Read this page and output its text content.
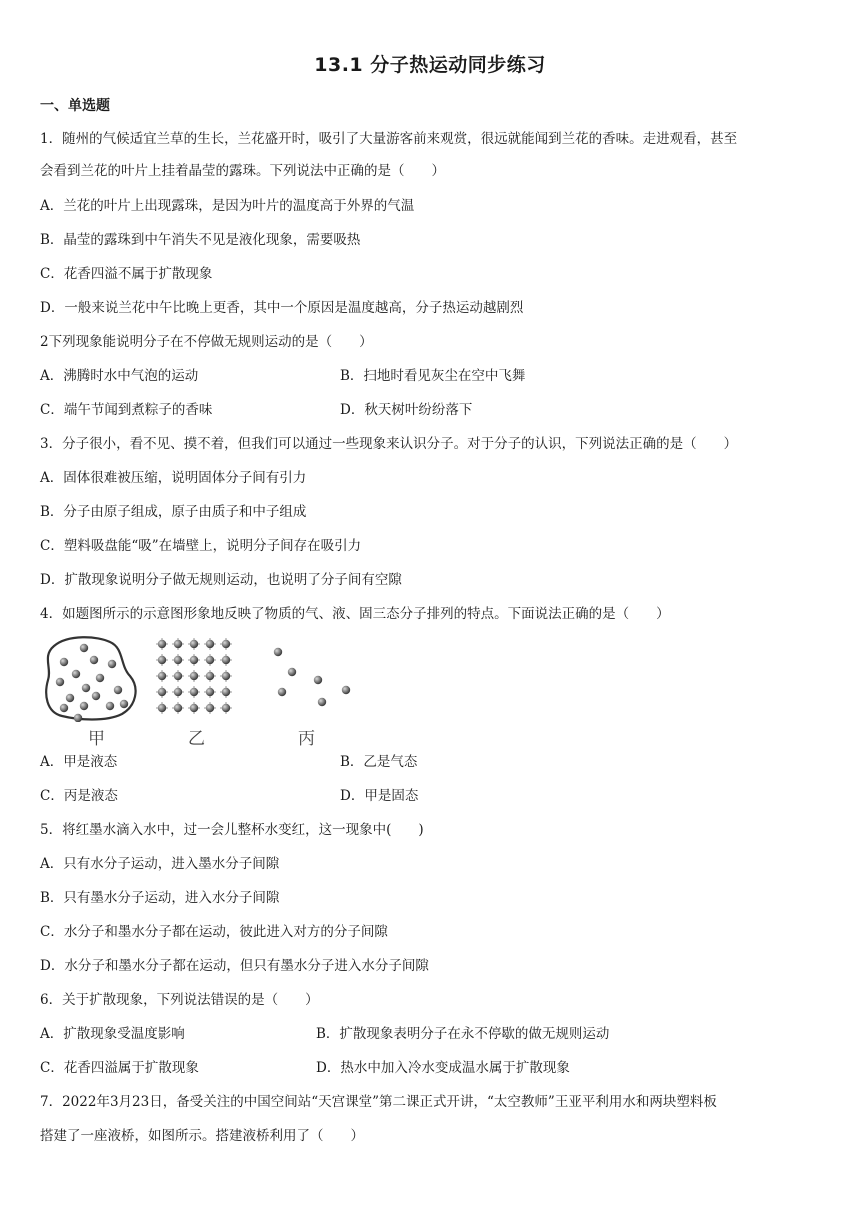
13.1 分子热运动同步练习
一、单选题
1．随州的气候适宜兰草的生长，兰花盛开时，吸引了大量游客前来观赏，很远就能闻到兰花的香味。走进观看，甚至
会看到兰花的叶片上挂着晶莹的露珠。下列说法中正确的是（　　）
A．兰花的叶片上出现露珠，是因为叶片的温度高于外界的气温
B．晶莹的露珠到中午消失不见是液化现象，需要吸热
C．花香四溢不属于扩散现象
D．一般来说兰花中午比晚上更香，其中一个原因是温度越高，分子热运动越剧烈
2下列现象能说明分子在不停做无规则运动的是（　　）
A．沸腾时水中气泡的运动	B．扫地时看见灰尘在空中飞舞
C．端午节闻到煮粽子的香味	D．秋天树叶纷纷落下
3．分子很小，看不见、摸不着，但我们可以通过一些现象来认识分子。对于分子的认识，下列说法正确的是（　　）
A．固体很难被压缩，说明固体分子间有引力
B．分子由原子组成，原子由质子和中子组成
C．塑料吸盘能“吸”在墙壁上，说明分子间存在吸引力
D．扩散现象说明分子做无规则运动，也说明了分子间有空隙
4．如题图所示的示意图形象地反映了物质的气、液、固三态分子排列的特点。下面说法正确的是（　　）
甲	乙	丙
A．甲是液态	B．乙是气态
C．丙是液态	D．甲是固态
5．将红墨水滴入水中，过一会儿整杯水变红，这一现象中(　　)
A．只有水分子运动，进入墨水分子间隙
B．只有墨水分子运动，进入水分子间隙
C．水分子和墨水分子都在运动，彼此进入对方的分子间隙
D．水分子和墨水分子都在运动，但只有墨水分子进入水分子间隙
6．关于扩散现象，下列说法错误的是（　　）
A．扩散现象受温度影响	B．扩散现象表明分子在永不停歇的做无规则运动
C．花香四溢属于扩散现象	D．热水中加入冷水变成温水属于扩散现象
7．2022年3月23日，备受关注的中国空间站“天宫课堂”第二课正式开讲，“太空教师”王亚平利用水和两块塑料板
搭建了一座液桥，如图所示。搭建液桥利用了（　　）
